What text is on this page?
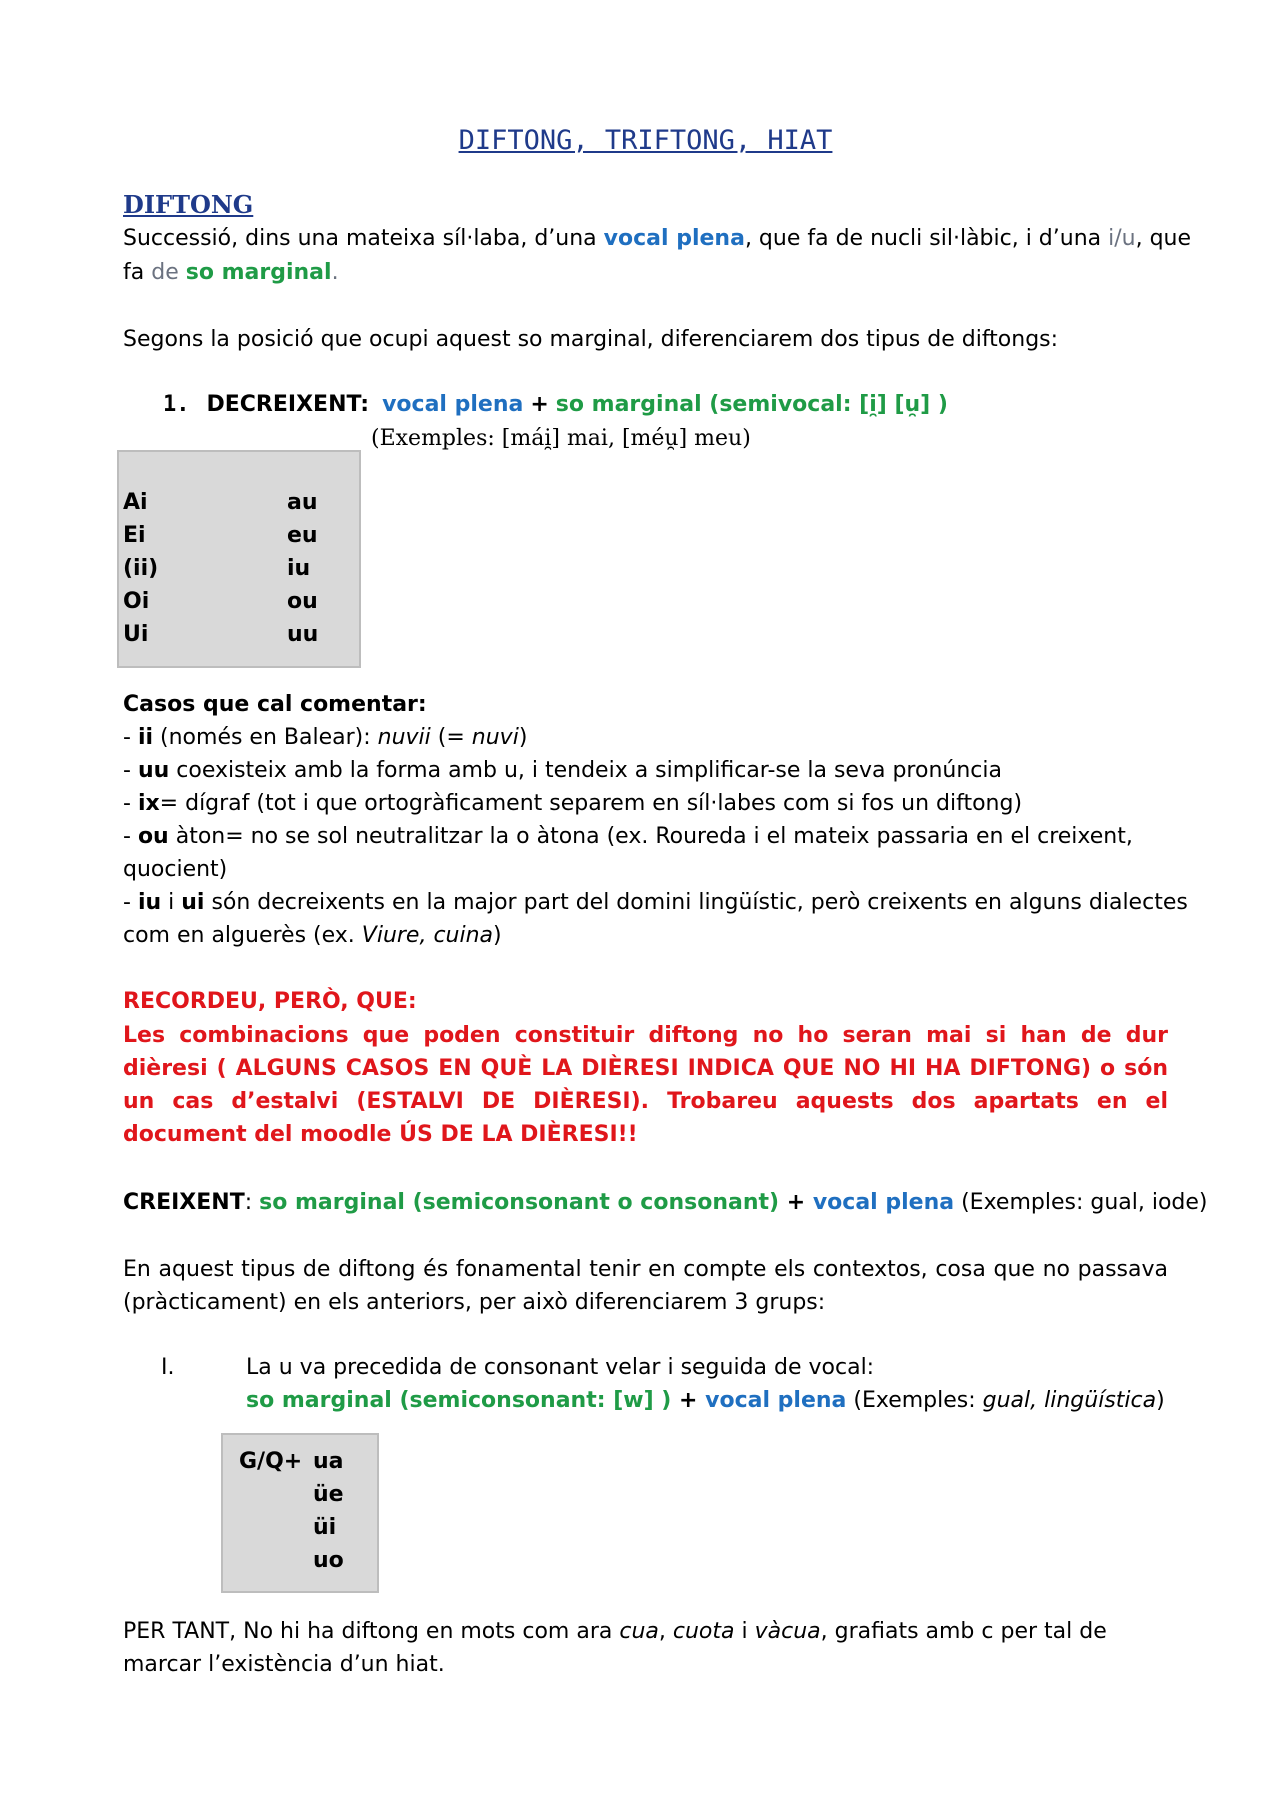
DIFTONG, TRIFTONG, HIAT
DIFTONG
Successió, dins una mateixa síl·laba, d’una vocal plena, que fa de nucli sil·làbic, i d’una i/u, que
fa de so marginal.
Segons la posició que ocupi aquest so marginal, diferenciarem dos tipus de diftongs:
1. DECREIXENT: vocal plena + so marginal (semivocal: [i̯] [u̯] )
(Exemples: [mái̯] mai, [méu̯] meu)
Ai	au
Ei	eu
(ii)	iu
Oi	ou
Ui	uu
Casos que cal comentar:
- ii (només en Balear): nuvii (= nuvi)
- uu coexisteix amb la forma amb u, i tendeix a simplificar-se la seva pronúncia
- ix= dígraf (tot i que ortogràficament separem en síl·labes com si fos un diftong)
- ou àton= no se sol neutralitzar la o àtona (ex. Roureda i el mateix passaria en el creixent,
quocient)
- iu i ui són decreixents en la major part del domini lingüístic, però creixents en alguns dialectes
com en alguerès (ex. Viure, cuina)
RECORDEU, PERÒ, QUE:
Les combinacions que poden constituir diftong no ho seran mai si han de dur dièresi ( ALGUNS CASOS EN QUÈ LA DIÈRESI INDICA QUE NO HI HA DIFTONG) o són un cas d’estalvi (ESTALVI DE DIÈRESI). Trobareu aquests dos apartats en el document del moodle ÚS DE LA DIÈRESI!!
CREIXENT: so marginal (semiconsonant o consonant) + vocal plena (Exemples: gual, iode)
En aquest tipus de diftong és fonamental tenir en compte els contextos, cosa que no passava (pràcticament) en els anteriors, per això diferenciarem 3 grups:
I.	La u va precedida de consonant velar i seguida de vocal:
so marginal (semiconsonant: [w] ) + vocal plena (Exemples: gual, lingüística)
G/Q+ ua
üe
üi
uo
PER TANT, No hi ha diftong en mots com ara cua, cuota i vàcua, grafiats amb c per tal de
marcar l’existència d’un hiat.
